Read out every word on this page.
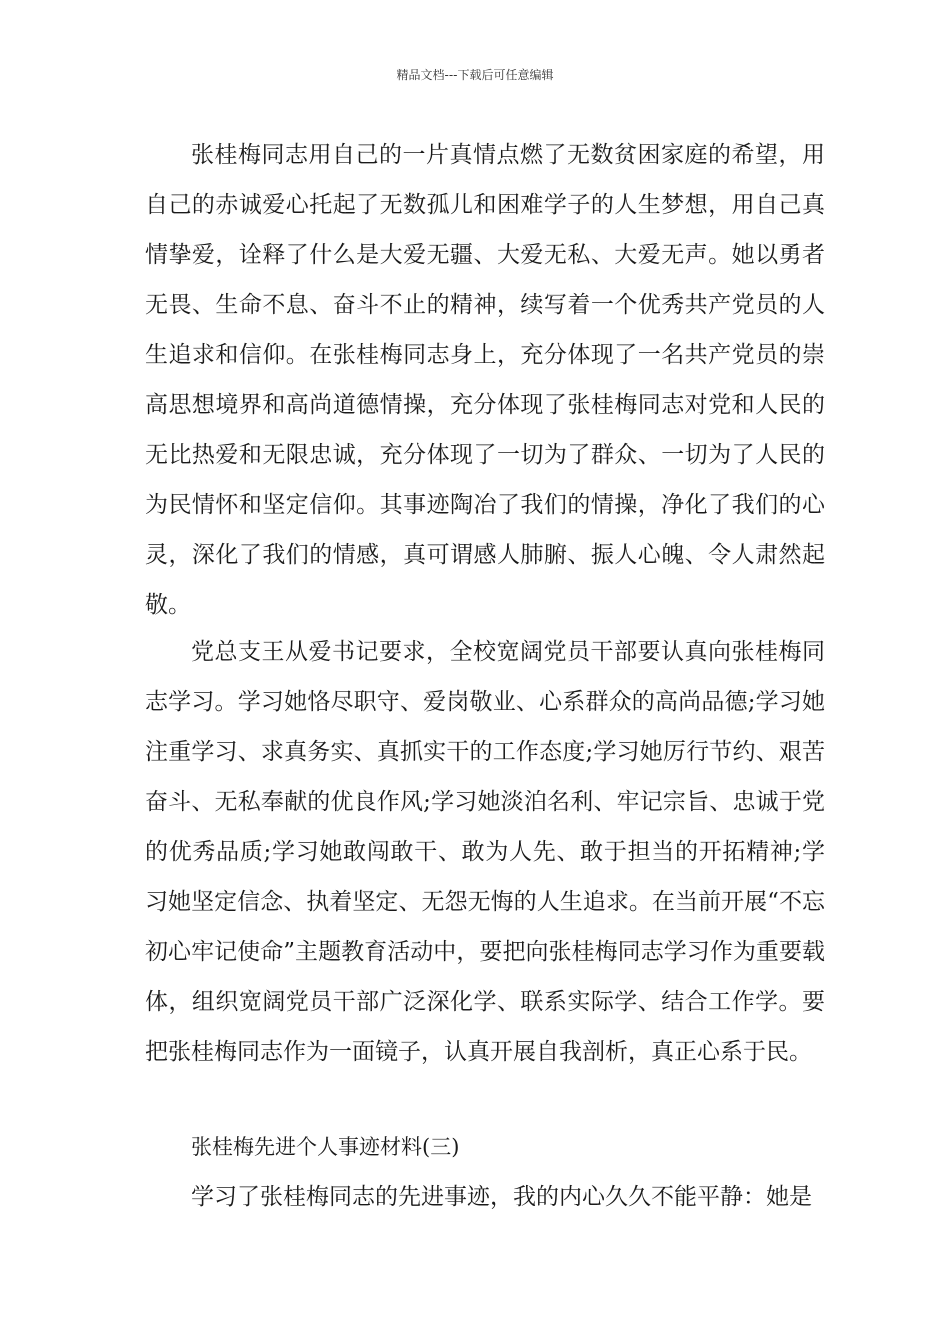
精品文档---下载后可任意编辑

张桂梅同志用自己的一片真情点燃了无数贫困家庭的希望，用自己的赤诚爱心托起了无数孤儿和困难学子的人生梦想，用自己真情挚爱，诠释了什么是大爱无疆、大爱无私、大爱无声。她以勇者无畏、生命不息、奋斗不止的精神，续写着一个优秀共产党员的人生追求和信仰。在张桂梅同志身上，充分体现了一名共产党员的崇高思想境界和高尚道德情操，充分体现了张桂梅同志对党和人民的无比热爱和无限忠诚，充分体现了一切为了群众、一切为了人民的为民情怀和坚定信仰。其事迹陶冶了我们的情操，净化了我们的心灵，深化了我们的情感，真可谓感人肺腑、振人心魄、令人肃然起敬。

党总支王从爱书记要求，全校宽阔党员干部要认真向张桂梅同志学习。学习她恪尽职守、爱岗敬业、心系群众的高尚品德;学习她注重学习、求真务实、真抓实干的工作态度;学习她厉行节约、艰苦奋斗、无私奉献的优良作风;学习她淡泊名利、牢记宗旨、忠诚于党的优秀品质;学习她敢闯敢干、敢为人先、敢于担当的开拓精神;学习她坚定信念、执着坚定、无怨无悔的人生追求。在当前开展“不忘初心牢记使命”主题教育活动中，要把向张桂梅同志学习作为重要载体，组织宽阔党员干部广泛深化学、联系实际学、结合工作学。要把张桂梅同志作为一面镜子，认真开展自我剖析，真正心系于民。

张桂梅先进个人事迹材料(三)

学习了张桂梅同志的先进事迹，我的内心久久不能平静：她是
